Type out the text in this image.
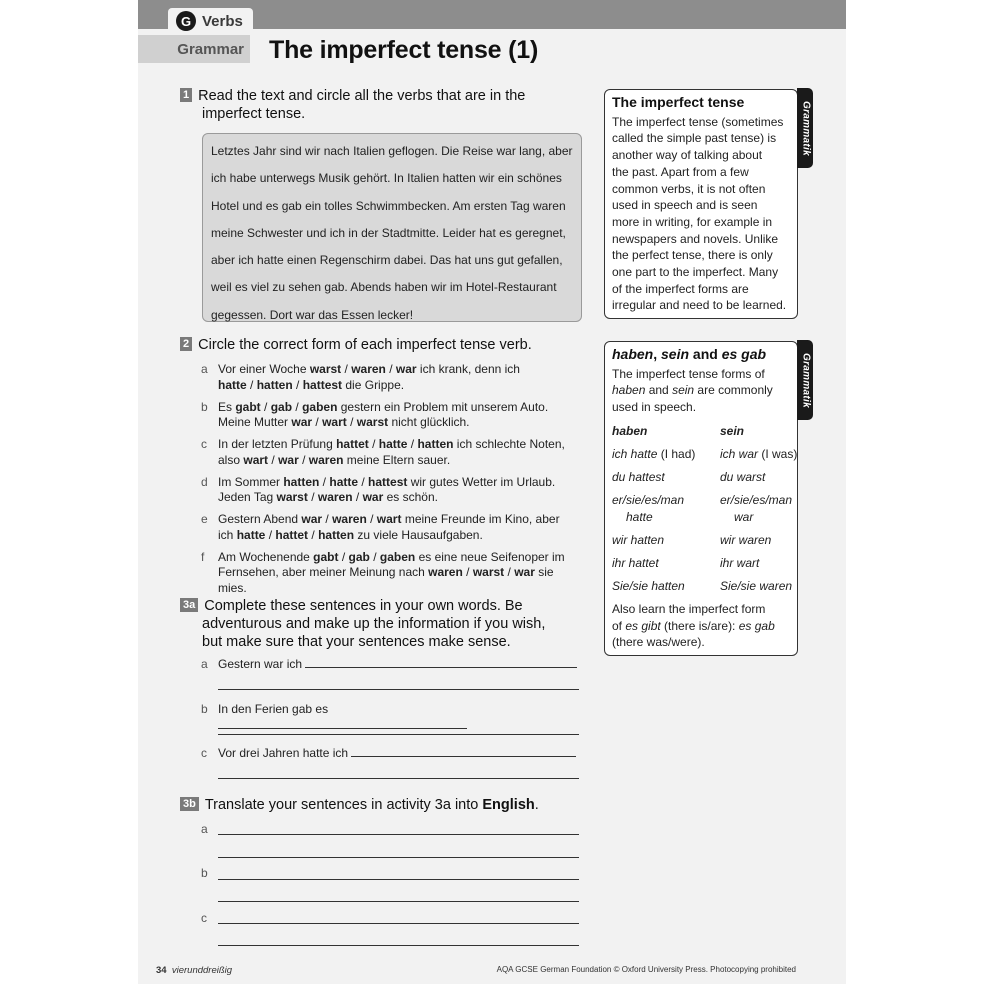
G Verbs
Grammar The imperfect tense (1)
1 Read the text and circle all the verbs that are in the
imperfect tense.
Letztes Jahr sind wir nach Italien geflogen. Die Reise war lang, aber
ich habe unterwegs Musik gehört. In Italien hatten wir ein schönes
Hotel und es gab ein tolles Schwimmbecken. Am ersten Tag waren
meine Schwester und ich in der Stadtmitte. Leider hat es geregnet,
aber ich hatte einen Regenschirm dabei. Das hat uns gut gefallen,
weil es viel zu sehen gab. Abends haben wir im Hotel-Restaurant
gegessen. Dort war das Essen lecker!
2 Circle the correct form of each imperfect tense verb.
a Vor einer Woche warst / waren / war ich krank, denn ich
hatte / hatten / hattest die Grippe.
b Es gabt / gab / gaben gestern ein Problem mit unserem Auto.
Meine Mutter war / wart / warst nicht glücklich.
c In der letzten Prüfung hattet / hatte / hatten ich schlechte Noten,
also wart / war / waren meine Eltern sauer.
d Im Sommer hatten / hatte / hattest wir gutes Wetter im Urlaub.
Jeden Tag warst / waren / war es schön.
e Gestern Abend war / waren / wart meine Freunde im Kino, aber
ich hatte / hattet / hatten zu viele Hausaufgaben.
f	Am Wochenende gabt / gab / gaben es eine neue Seifenoper im
Fernsehen, aber meiner Meinung nach waren / warst / war sie mies.
3a Complete these sentences in your own words. Be
adventurous and make up the information if you wish,
but make sure that your sentences make sense.
a Gestern war ich
b In den Ferien gab es
c Vor drei Jahren hatte ich
3b Translate your sentences in activity 3a into English.
a
b
c
Grammatik
The imperfect tense
The imperfect tense (sometimes
called the simple past tense) is
another way of talking about
the past. Apart from a few
common verbs, it is not often
used in speech and is seen
more in writing, for example in
newspapers and novels. Unlike
the perfect tense, there is only
one part to the imperfect. Many
of the imperfect forms are
irregular and need to be learned.
Grammatik
haben, sein and es gab
The imperfect tense forms of
haben and sein are commonly
used in speech.
haben	sein
ich hatte (I had)	ich war (I was)
du hattest	du warst
er/sie/es/man	er/sie/es/man
hatte	war
wir hatten	wir waren
ihr hattet	ihr wart
Sie/sie hatten	Sie/sie waren
Also learn the imperfect form
of es gibt (there is/are): es gab
(there was/were).
34 vierunddreißig	AQA GCSE German Foundation © Oxford University Press. Photocopying prohibited
